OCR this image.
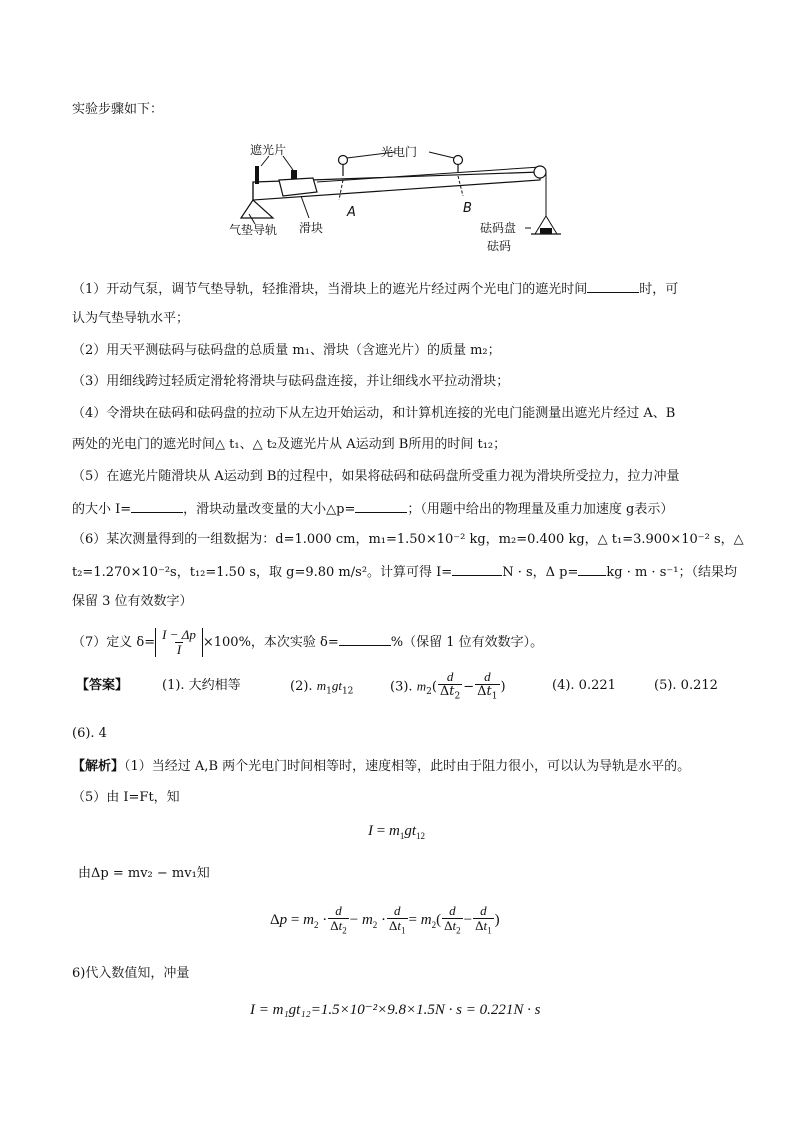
实验步骤如下：
遮光片	光电门
气垫导轨 滑块
A	B
砝码盘
砝码
（1）开动气泵，调节气垫导轨，轻推滑块，当滑块上的遮光片经过两个光电门的遮光时间	时，可
认为气垫导轨水平；
（2）用天平测砝码与砝码盘的总质量 m₁、滑块（含遮光片）的质量 m₂；
（3）用细线跨过轻质定滑轮将滑块与砝码盘连接，并让细线水平拉动滑块；
（4）令滑块在砝码和砝码盘的拉动下从左边开始运动，和计算机连接的光电门能测量出遮光片经过 A、B
两处的光电门的遮光时间△ t₁、△ t₂及遮光片从 A运动到 B所用的时间 t₁₂；
（5）在遮光片随滑块从 A运动到 B的过程中，如果将砝码和砝码盘所受重力视为滑块所受拉力，拉力冲量
的大小 I=	，滑块动量改变量的大小△p=	；（用题中给出的物理量及重力加速度 g表示）
（6）某次测量得到的一组数据为：d=1.000 cm，m₁=1.50×10⁻² kg，m₂=0.400 kg，△ t₁=3.900×10⁻² s，△
t₂=1.270×10⁻²s，t₁₂=1.50 s，取 g=9.80 m/s²。计算可得 I=	N · s，Δ p= kg · m · s⁻¹；（结果均
保留 3 位有效数字）
（7）定义 $\delta= \frac{I - \Delta p}{I} \times 100\%$，本次实验 δ=	%（保留 1 位有效数字）。
【答案】	(1). 大约相等	(2). $m_1gt_{12}$	(3). $m_2( \frac{d}{\Delta t_2} - \frac{d}{\Delta t_1}$ )	(4). 0.221	(5). 0.212
(6). 4
【解析】（1）当经过 A,B 两个光电门时间相等时，速度相等，此时由于阻力很小，可以认为导轨是水平的。
（5）由 I=Ft，知
$I = m_1gt_{12}$
由Δp = mv₂ − mv₁知
$\Delta p = m_2 \cdot \frac{d}{\Delta t_2} - m_2 \cdot \frac{d}{\Delta t_1} = m_2( \frac{d}{\Delta t_2} - \frac{d}{\Delta t_1}$ )
6)代入数值知，冲量
I = m₁gt₁₂=1.5×10⁻²×9.8×1.5N · s = 0.221N · s
